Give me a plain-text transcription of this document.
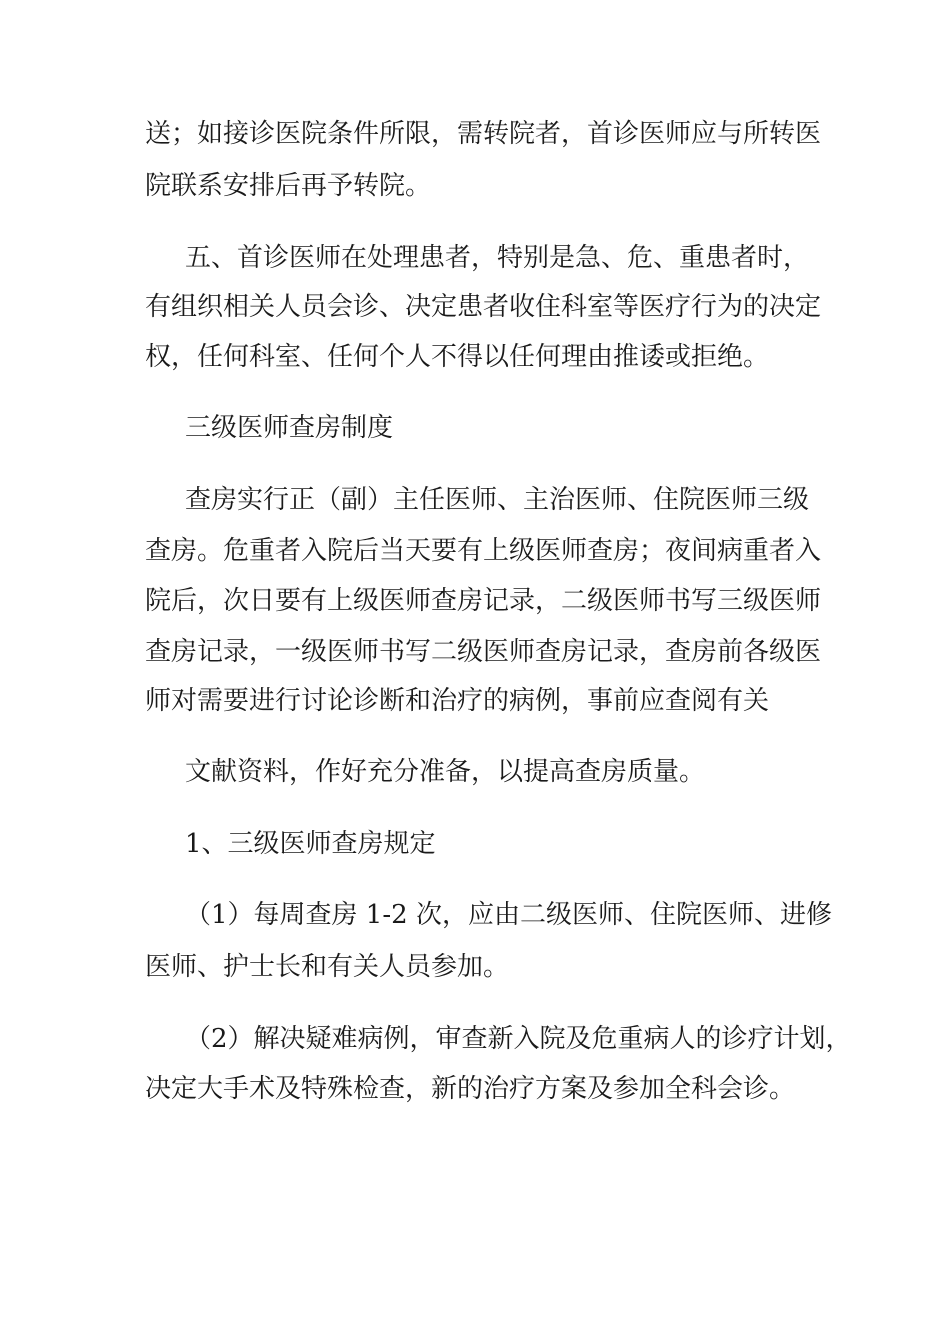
送；如接诊医院条件所限，需转院者，首诊医师应与所转医
院联系安排后再予转院。
五、首诊医师在处理患者，特别是急、危、重患者时，
有组织相关人员会诊、决定患者收住科室等医疗行为的决定
权，任何科室、任何个人不得以任何理由推诿或拒绝。
三级医师查房制度
查房实行正（副）主任医师、主治医师、住院医师三级
查房。危重者入院后当天要有上级医师查房；夜间病重者入
院后，次日要有上级医师查房记录，二级医师书写三级医师
查房记录，一级医师书写二级医师查房记录，查房前各级医
师对需要进行讨论诊断和治疗的病例，事前应查阅有关
文献资料，作好充分准备，以提高查房质量。
1、三级医师查房规定
（1）每周查房 1-2 次，应由二级医师、住院医师、进修
医师、护士长和有关人员参加。
（2）解决疑难病例，审查新入院及危重病人的诊疗计划，
决定大手术及特殊检查，新的治疗方案及参加全科会诊。
